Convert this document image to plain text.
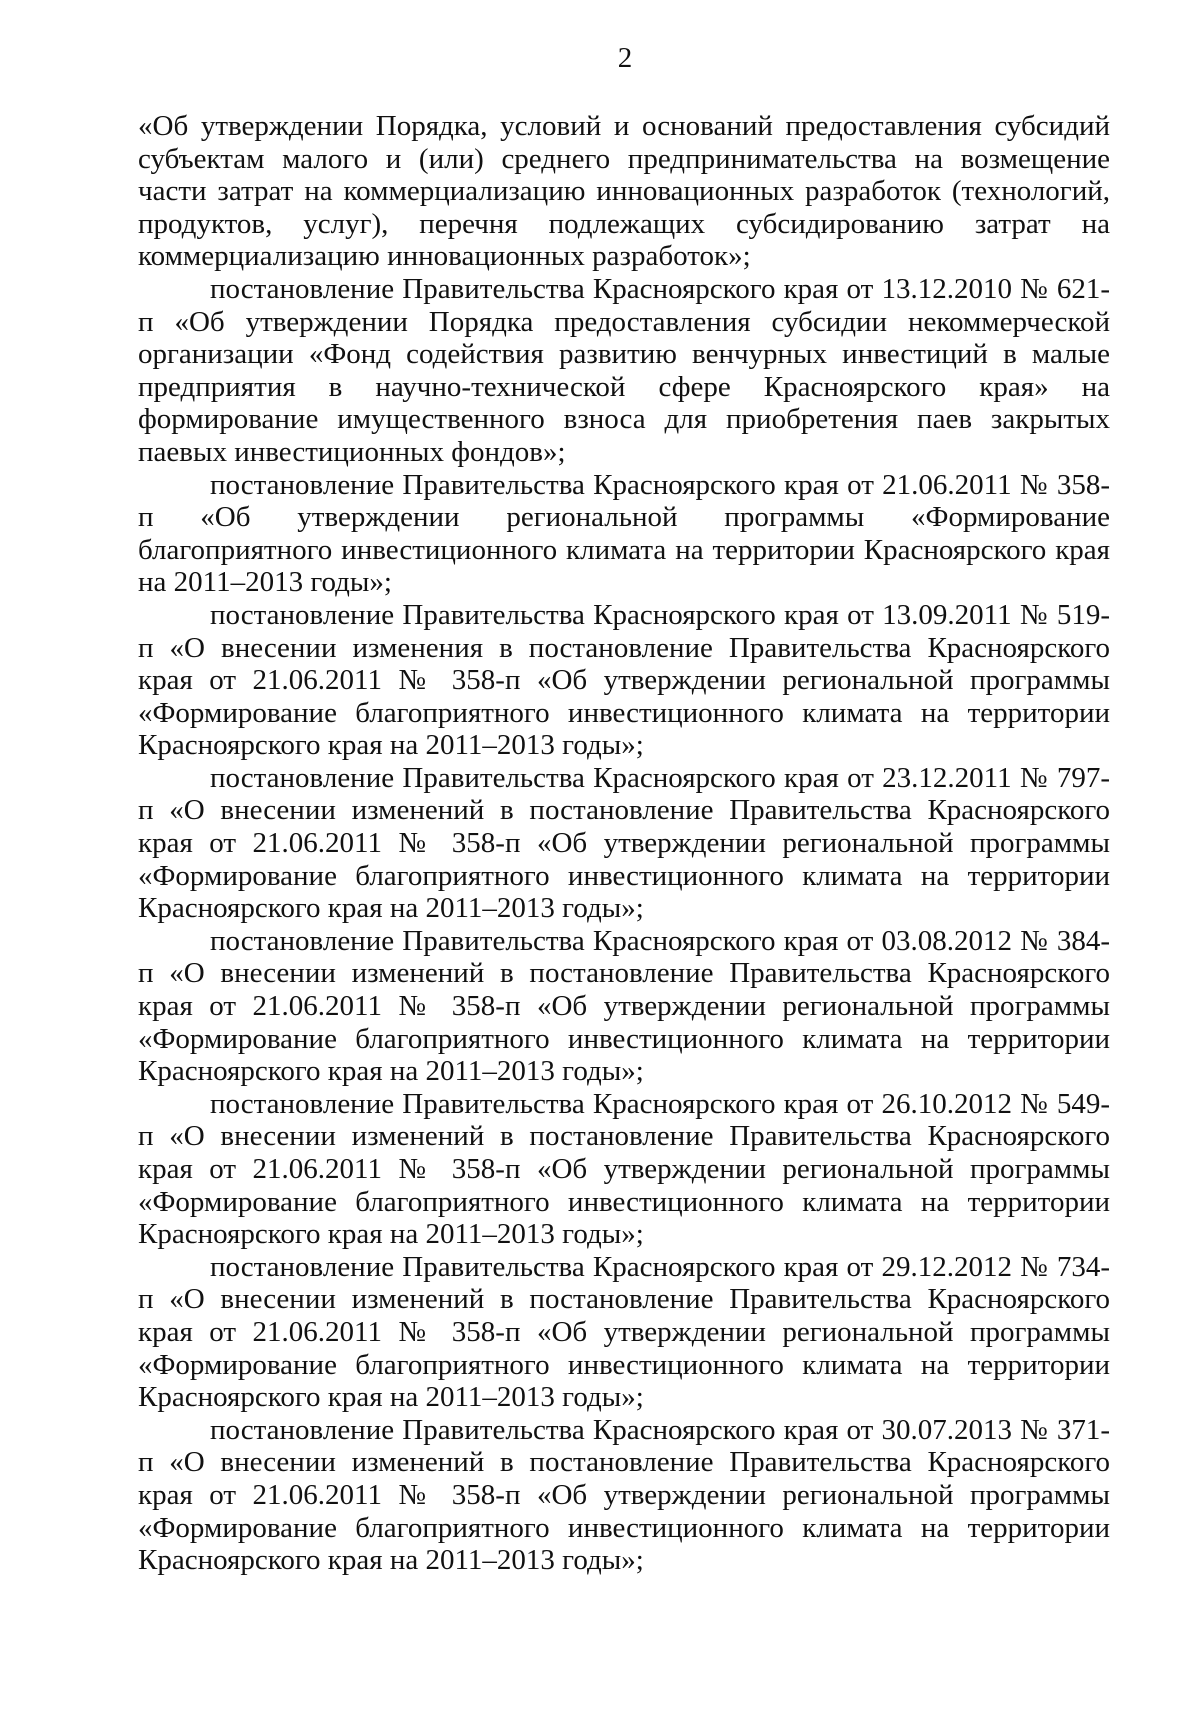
2

«Об утверждении Порядка, условий и оснований предоставления субсидий субъектам малого и (или) среднего предпринимательства на возмещение части затрат на коммерциализацию инновационных разработок (технологий, продуктов, услуг), перечня подлежащих субсидированию затрат на коммерциализацию инновационных разработок»;

постановление Правительства Красноярского края от 13.12.2010 № 621-п «Об утверждении Порядка предоставления субсидии некоммерческой организации «Фонд содействия развитию венчурных инвестиций в малые предприятия в научно-технической сфере Красноярского края» на формирование имущественного взноса для приобретения паев закрытых паевых инвестиционных фондов»;

постановление Правительства Красноярского края от 21.06.2011 № 358-п «Об утверждении региональной программы «Формирование благоприятного инвестиционного климата на территории Красноярского края на 2011–2013 годы»;

постановление Правительства Красноярского края от 13.09.2011 № 519-п «О внесении изменения в постановление Правительства Красноярского края от 21.06.2011 № 358-п «Об утверждении региональной программы «Формирование благоприятного инвестиционного климата на территории Красноярского края на 2011–2013 годы»;

постановление Правительства Красноярского края от 23.12.2011 № 797-п «О внесении изменений в постановление Правительства Красноярского края от 21.06.2011 № 358-п «Об утверждении региональной программы «Формирование благоприятного инвестиционного климата на территории Красноярского края на 2011–2013 годы»;

постановление Правительства Красноярского края от 03.08.2012 № 384-п «О внесении изменений в постановление Правительства Красноярского края от 21.06.2011 № 358-п «Об утверждении региональной программы «Формирование благоприятного инвестиционного климата на территории Красноярского края на 2011–2013 годы»;

постановление Правительства Красноярского края от 26.10.2012 № 549-п «О внесении изменений в постановление Правительства Красноярского края от 21.06.2011 № 358-п «Об утверждении региональной программы «Формирование благоприятного инвестиционного климата на территории Красноярского края на 2011–2013 годы»;

постановление Правительства Красноярского края от 29.12.2012 № 734-п «О внесении изменений в постановление Правительства Красноярского края от 21.06.2011 № 358-п «Об утверждении региональной программы «Формирование благоприятного инвестиционного климата на территории Красноярского края на 2011–2013 годы»;

постановление Правительства Красноярского края от 30.07.2013 № 371-п «О внесении изменений в постановление Правительства Красноярского края от 21.06.2011 № 358-п «Об утверждении региональной программы «Формирование благоприятного инвестиционного климата на территории Красноярского края на 2011–2013 годы»;
